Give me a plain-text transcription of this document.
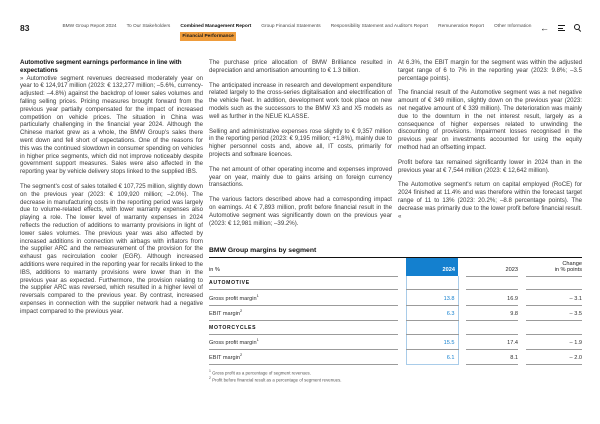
83	BMW Group Report 2024 To Our Stakeholders Combined Management Report
Financial Performance
Group Financial Statements Responsibility Statement and Auditor's Report Remuneration Report Other Information ←
Automotive segment earnings performance in line with expectations

» Automotive segment revenues decreased moderately year on year to € 124,917 million (2023: € 132,277 million; –5.6%, currency-adjusted: –4.8%) against the backdrop of lower sales volumes and falling selling prices. Pricing measures brought forward from the previous year partially compensated for the impact of increased competition on vehicle prices. The situation in China was particularly challenging in the financial year 2024. Although the Chinese market grew as a whole, the BMW Group's sales there went down and fell short of expectations. One of the reasons for this was the continued slowdown in consumer spending on vehicles in higher price segments, which did not improve noticeably despite government support measures. Sales were also affected in the reporting year by vehicle delivery stops linked to the supplied IBS.

The segment's cost of sales totalled € 107,725 million, slightly down on the previous year (2023: € 109,920 million; –2.0%). The decrease in manufacturing costs in the reporting period was largely due to volume-related effects, with lower warranty expenses also playing a role. The lower level of warranty expenses in 2024 reflects the reduction of additions to warranty provisions in light of lower sales volumes. The previous year was also affected by increased additions in connection with airbags with inflators from the supplier ARC and the remeasurement of the provision for the exhaust gas recirculation cooler (EGR). Although increased additions were required in the reporting year for recalls linked to the IBS, additions to warranty provisions were lower than in the previous year as expected. Furthermore, the provision relating to the supplier ARC was reversed, which resulted in a higher level of reversals compared to the previous year. By contrast, increased expenses in connection with the supplier network had a negative impact compared to the previous year.

The purchase price allocation of BMW Brilliance resulted in depreciation and amortisation amounting to € 1.3 billion.

The anticipated increase in research and development expenditure related largely to the cross-series digitalisation and electrification of the vehicle fleet. In addition, development work took place on new models such as the successors to the BMW X3 and X5 models as well as further in the NEUE KLASSE.

Selling and administrative expenses rose slightly to € 9,357 million in the reporting period (2023: € 9,195 million; +1.8%), mainly due to higher personnel costs and, above all, IT costs, primarily for projects and software licences.

The net amount of other operating income and expenses improved year on year, mainly due to gains arising on foreign currency transactions.

The various factors described above had a corresponding impact on earnings. At € 7,893 million, profit before financial result in the Automotive segment was significantly down on the previous year (2023: € 12,981 million; –39.2%).

At 6.3%, the EBIT margin for the segment was within the adjusted target range of 6 to 7% in the reporting year (2023: 9.8%; –3.5 percentage points).

The financial result of the Automotive segment was a net negative amount of € 349 million, slightly down on the previous year (2023: net negative amount of € 339 million). The deterioration was mainly due to the downturn in the net interest result, largely as a consequence of higher expenses related to unwinding the discounting of provisions. Impairment losses recognised in the previous year on investments accounted for using the equity method had an offsetting impact.

Profit before tax remained significantly lower in 2024 than in the previous year at € 7,544 million (2023: € 12,642 million).

The Automotive segment's return on capital employed (RoCE) for 2024 finished at 11.4% and was therefore within the forecast target range of 11 to 13% (2023: 20.2%; –8.8 percentage points). The decrease was primarily due to the lower profit before financial result. «

BMW Group margins by segment
in %		2024		2023		Change
in % points

AUTOMOTIVE						
Gross profit margin$^1$		13.8		16.9		– 3.1
EBIT margin$^2$		6.3		9.8		– 3.5
MOTORCYCLES						
Gross profit margin$^1$		15.5		17.4		– 1.9
EBIT margin$^2$		6.1		8.1		– 2.0
$^1$ Gross profit as a percentage of segment revenues.
$^2$ Profit before financial result as a percentage of segment revenues.
